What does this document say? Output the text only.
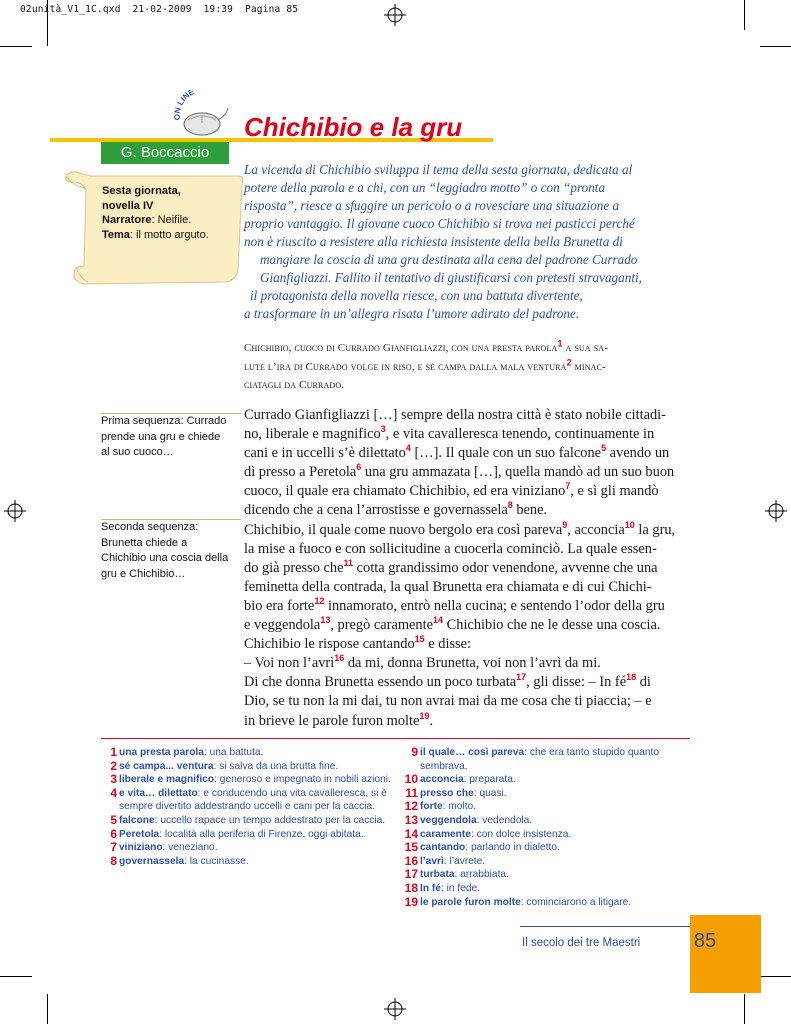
02unità_V1_1C.qxd  21-02-2009  19:39  Pagina 85
ON LINE
G. Boccaccio
Chichibio e la gru
Sesta giornata,
novella IV
Narratore: Neifile.
Tema: il motto arguto.
La vicenda di Chichibio sviluppa il tema della sesta giornata, dedicata al
potere della parola e a chi, con un “leggiadro motto” o con “pronta
risposta”, riesce a sfuggire un pericolo o a rovesciare una situazione a
proprio vantaggio. Il giovane cuoco Chichibio si trova nei pasticci perché
non è riuscito a resistere alla richiesta insistente della bella Brunetta di
mangiare la coscia di una gru destinata alla cena del padrone Currado
Gianfigliazzi. Fallito il tentativo di giustificarsi con pretesti stravaganti,
il protagonista della novella riesce, con una battuta divertente,
a trasformare in un’allegra risata l’umore adirato del padrone.
Chichibio, cuoco di Currado Gianfigliazzi, con una presta parola$^1$ a sua sa-
lute l’ira di Currado volge in riso, e sé campa dalla mala ventura$^2$ minac-
ciatagli da Currado.
Prima sequenza: Currado prende una gru e chiede al suo cuoco…
Seconda sequenza: Brunetta chiede a Chichibio una coscia della gru e Chichibio…
Currado Gianfigliazzi […] sempre della nostra città è stato nobile cittadi-
no, liberale e magnifico$^3$, e vita cavalleresca tenendo, continuamente in
cani e in uccelli s’è dilettato$^4$ […]. Il quale con un suo falcone$^5$ avendo un
dì presso a Peretola$^6$ una gru ammazata […], quella mandò ad un suo buon
cuoco, il quale era chiamato Chichibio, ed era viniziano$^7$, e sì gli mandò
dicendo che a cena l’arrostisse e governassela$^8$ bene.
Chichibio, il quale come nuovo bergolo era così pareva$^9$, acconcia$^{10}$ la gru,
la mise a fuoco e con sollicitudine a cuocerla cominciò. La quale essen-
do già presso che$^{11}$ cotta grandissimo odor venendone, avvenne che una
feminetta della contrada, la qual Brunetta era chiamata e di cui Chichi-
bio era forte$^{12}$ innamorato, entrò nella cucina; e sentendo l’odor della gru
e veggendola$^{13}$, pregò caramente$^{14}$ Chichibio che ne le desse una coscia.
Chichibio le rispose cantando$^{15}$ e disse:
– Voi non l’avrì$^{16}$ da mi, donna Brunetta, voi non l’avrì da mi.
Di che donna Brunetta essendo un poco turbata$^{17}$, gli disse: – In $fé^{18}$ di
Dio, se tu non la mi dai, tu non avrai mai da me cosa che ti piaccia; – e
in brieve le parole furon molte$^{19}$.
1 una presta parola: una battuta.
2 sé campa... ventura: si salva da una brutta fine.
3 liberale e magnifico: generoso e impegnato in nobili azioni.
4 e vita… dilettato: e conducendo una vita cavalleresca, si è sempre divertito addestrando uccelli e cani per la caccia.
5 falcone: uccello rapace un tempo addestrato per la caccia.
6 Peretola: località alla periferia di Firenze, oggi abitata.
7 viniziano: veneziano.
8 governassela: la cucinasse.
9 il quale… così pareva: che era tanto stupido quanto sembrava.
10 acconcia: preparata.
11 presso che: quasi.
12 forte: molto.
13 veggendola: vedendola.
14 caramente: con dolce insistenza.
15 cantando: parlando in dialetto.
16 l’avrì: l’avrete.
17 turbata: arrabbiata.
18 In fé: in fede.
19 le parole furon molte: cominciarono a litigare.
Il secolo dei tre Maestri	85
